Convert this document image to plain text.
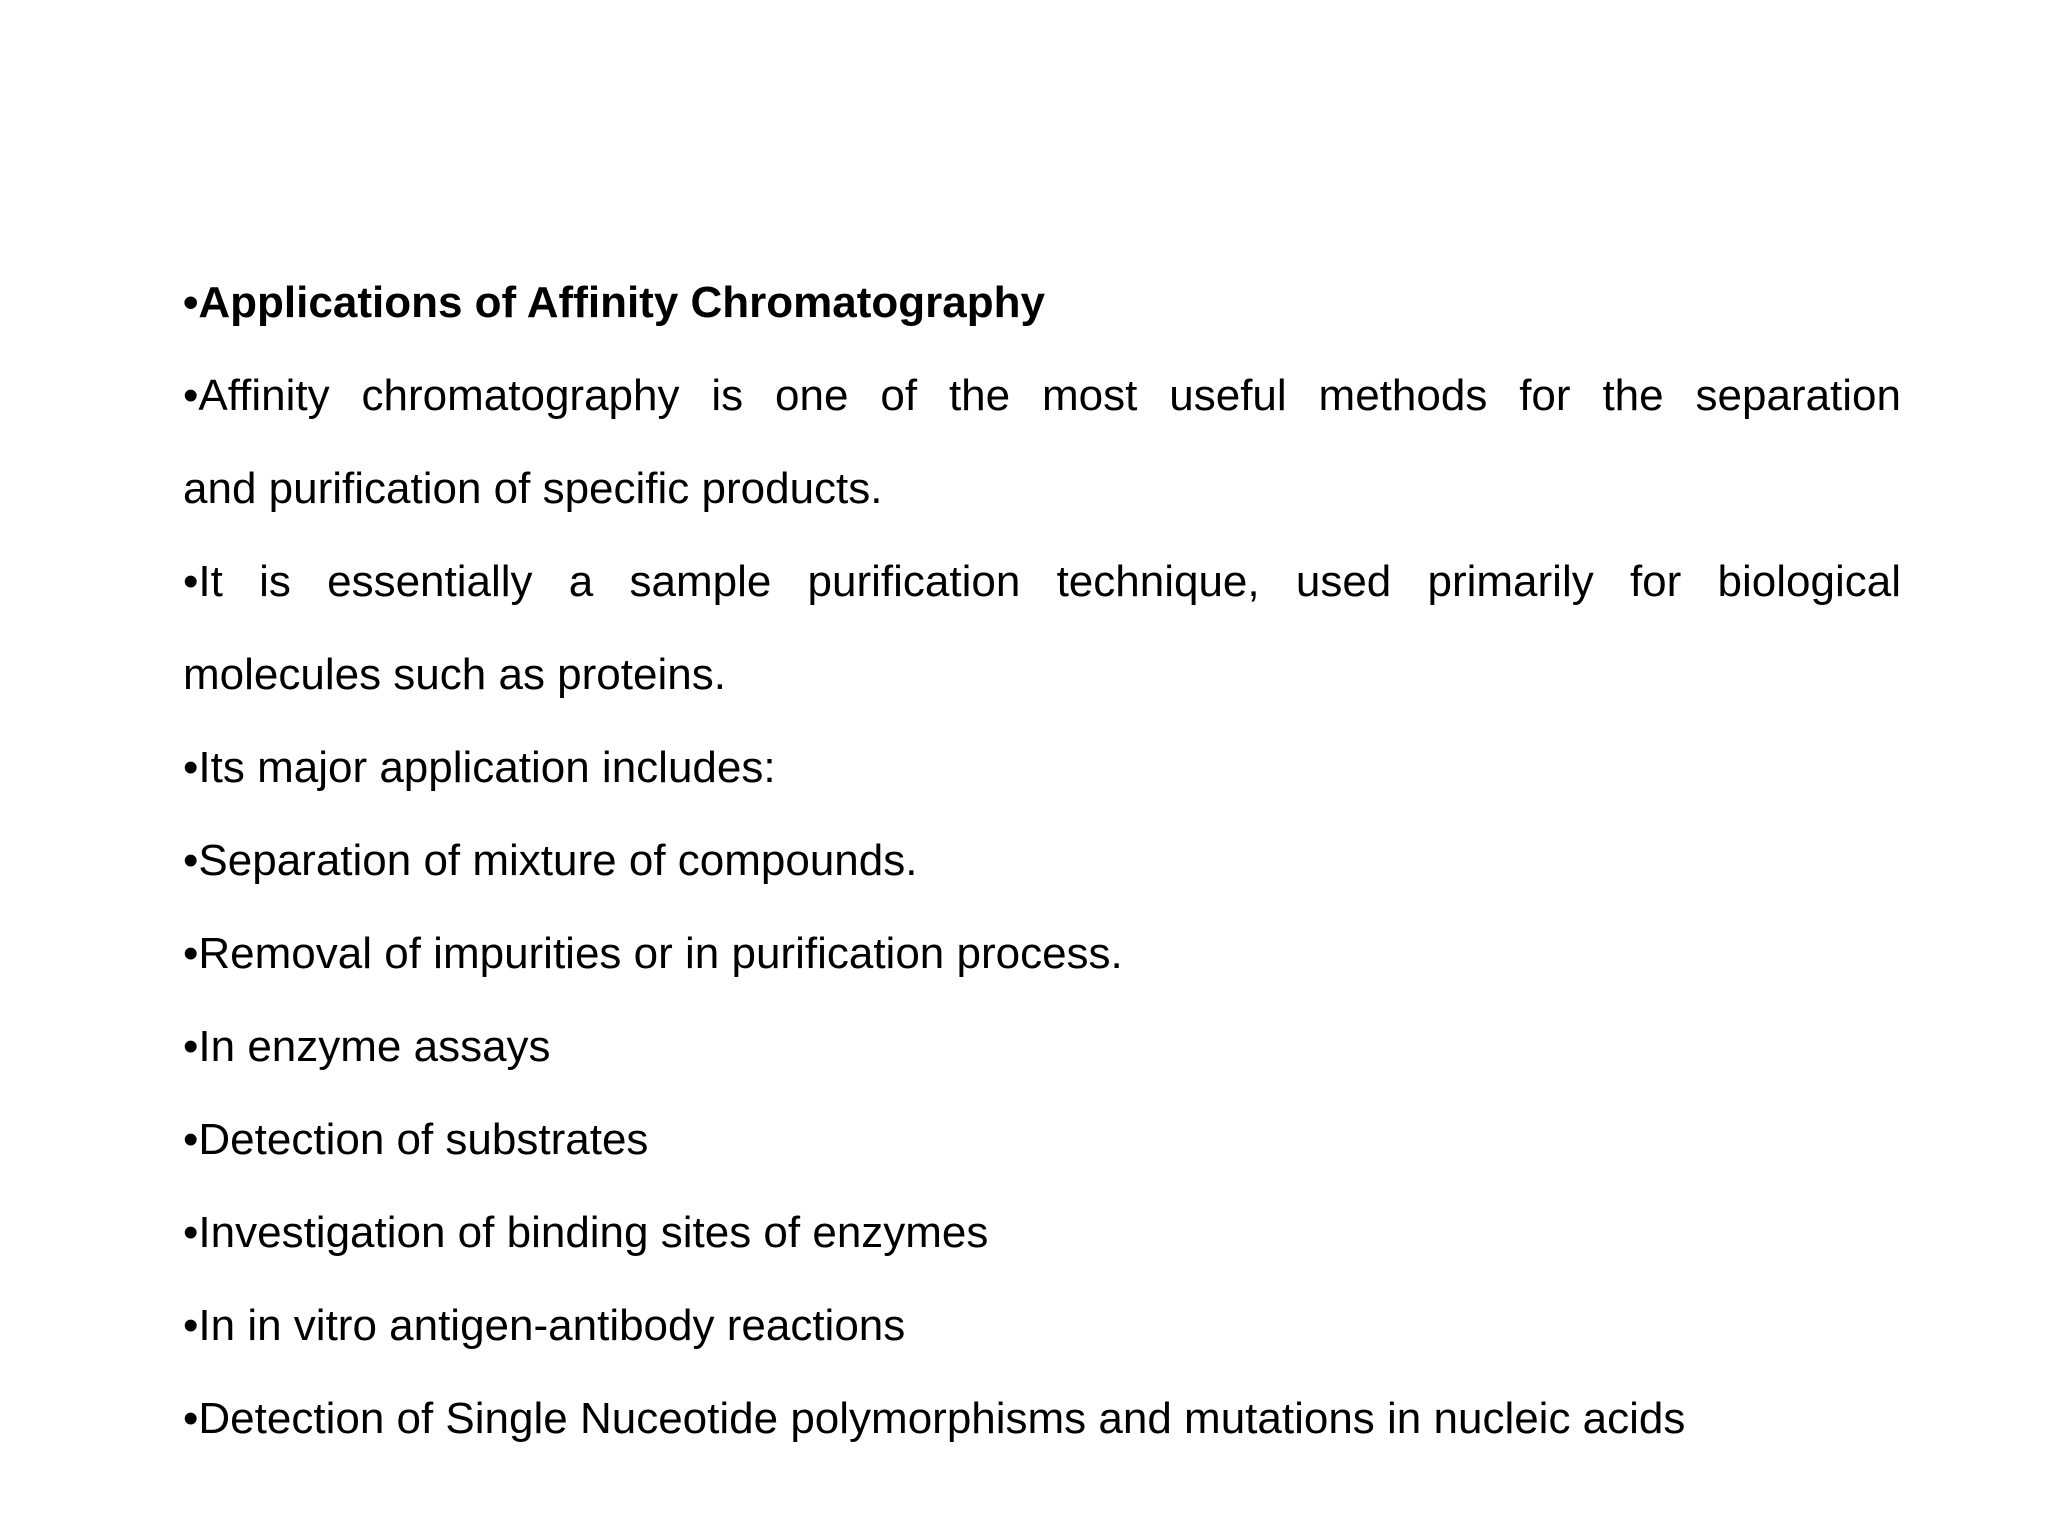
•Applications of Affinity Chromatography

•Affinity chromatography is one of the most useful methods for the separation

and purification of specific products.

•It is essentially a sample purification technique, used primarily for biological

molecules such as proteins.

•Its major application includes:

•Separation of mixture of compounds.

•Removal of impurities or in purification process.

•In enzyme assays

•Detection of substrates

•Investigation of binding sites of enzymes

•In in vitro antigen-antibody reactions

•Detection of Single Nuceotide polymorphisms and mutations in nucleic acids
